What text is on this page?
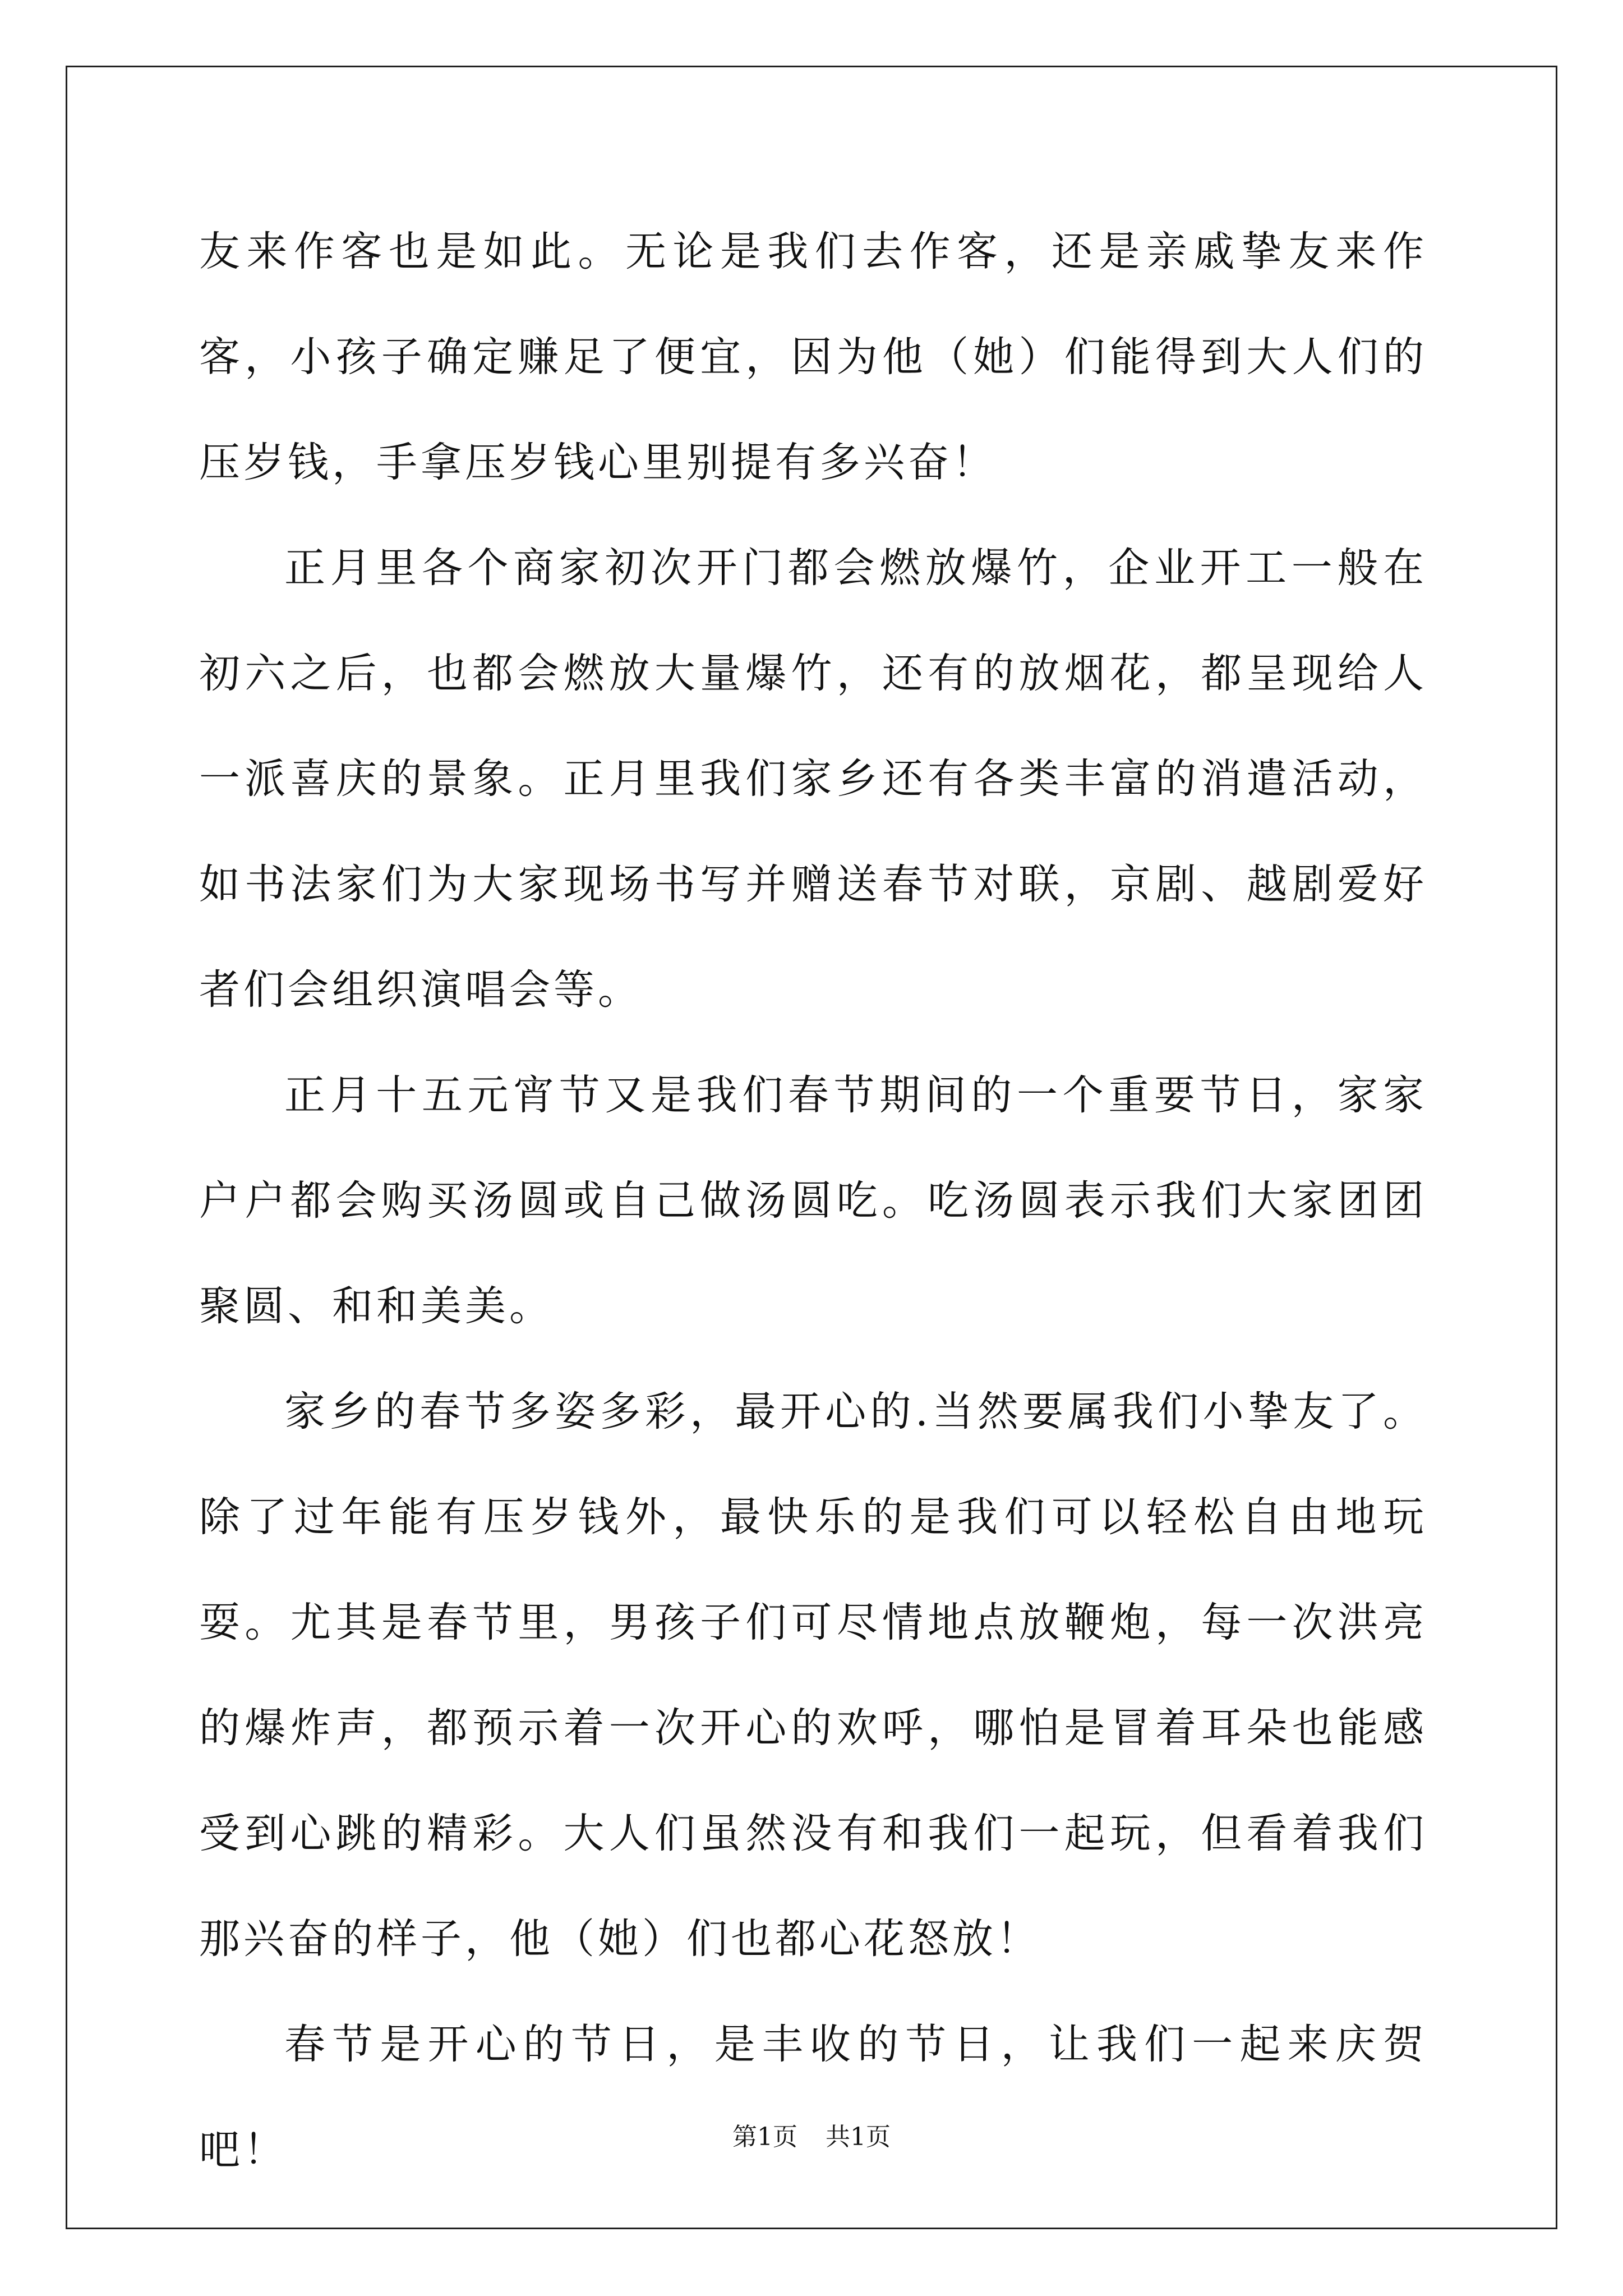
友来作客也是如此。无论是我们去作客，还是亲戚挚友来作客，小孩子确定赚足了便宜，因为他（她）们能得到大人们的压岁钱，手拿压岁钱心里别提有多兴奋！

正月里各个商家初次开门都会燃放爆竹，企业开工一般在初六之后，也都会燃放大量爆竹，还有的放烟花，都呈现给人一派喜庆的景象。正月里我们家乡还有各类丰富的消遣活动，如书法家们为大家现场书写并赠送春节对联，京剧、越剧爱好者们会组织演唱会等。

正月十五元宵节又是我们春节期间的一个重要节日，家家户户都会购买汤圆或自己做汤圆吃。吃汤圆表示我们大家团团聚圆、和和美美。

家乡的春节多姿多彩，最开心的.当然要属我们小挚友了。除了过年能有压岁钱外，最快乐的是我们可以轻松自由地玩耍。尤其是春节里，男孩子们可尽情地点放鞭炮，每一次洪亮的爆炸声，都预示着一次开心的欢呼，哪怕是冒着耳朵也能感受到心跳的精彩。大人们虽然没有和我们一起玩，但看着我们那兴奋的样子，他（她）们也都心花怒放！

春节是开心的节日，是丰收的节日，让我们一起来庆贺吧！	第1页 共1页
